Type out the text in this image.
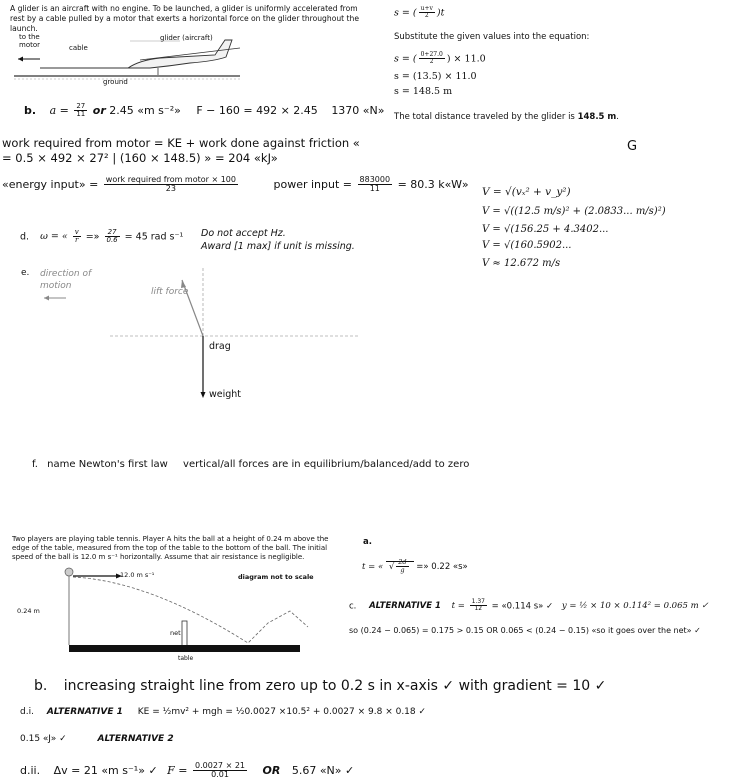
A glider is an aircraft with no engine. To be launched, a glider is uniformly accelerated from rest by a cable pulled by a motor that exerts a horizontal force on the glider throughout the launch.
to the motor	cable
glider (aircraft)
ground
b. $a = \frac{27}{11}$ or 2.45 «m s⁻²» F − 160 = 492 × 2.45 1370 «N»
work required from motor = KE + work done against friction «
= 0.5 × 492 × 27² | (160 × 148.5) » = 204 «kJ»
«energy input» = $\frac{\text{work required from motor × 100}}{23}$	power input = $\frac{883000}{11} = 80.3$ k«W»
d. ω = « $\frac{v}{r}$ =» $\frac{27}{0.6} = 45$ rad s⁻¹ Do not accept Hz.
Award [1 max] if unit is missing.
e. direction of motion
lift force
drag
weight
f. name Newton's first law vertical/all forces are in equilibrium/balanced/add to zero
s = ( $\frac{u+v}{2} )t$
Substitute the given values into the equation:
s = ( $\frac{0+27.0}{2}$ ) × 11.0
s = (13.5) × 11.0
s = 148.5 m
The total distance traveled by the glider is 148.5 m.
G
V = √(vₓ² + v_y²)
V = √((12.5 m/s)² + (2.0833... m/s)²)
V = √(156.25 + 4.3402...
V = √(160.5902...
V ≈ 12.672 m/s
Two players are playing table tennis. Player A hits the ball at a height of 0.24 m above the edge of the table, measured from the top of the table to the bottom of the ball. The initial speed of the ball is 12.0 m s⁻¹ horizontally. Assume that air resistance is negligible.
12.0 m s⁻¹	diagram not to scale
0.24 m
net
table
a.
t = « √ $\frac{2d}{g}$ =» 0.22 «s»
c. ALTERNATIVE 1 $t = \frac{1.37}{12}$ = «0.114 s» ✓ y = ½ × 10 × 0.114² = 0.065 m ✓
so (0.24 − 0.065) = 0.175 > 0.15 OR 0.065 < (0.24 − 0.15) «so it goes over the net» ✓
b. increasing straight line from zero up to 0.2 s in x-axis ✓ with gradient = 10 ✓
d.i. ALTERNATIVE 1 KE = ½mv² + mgh = ½0.0027 ×10.5² + 0.0027 × 9.8 × 0.18 ✓
0.15 «J» ✓	ALTERNATIVE 2
d.ii. Δv = 21 «m s⁻¹» ✓ $F = \frac{0.0027 \times 21}{0.01}$ OR 5.67 «N» ✓
